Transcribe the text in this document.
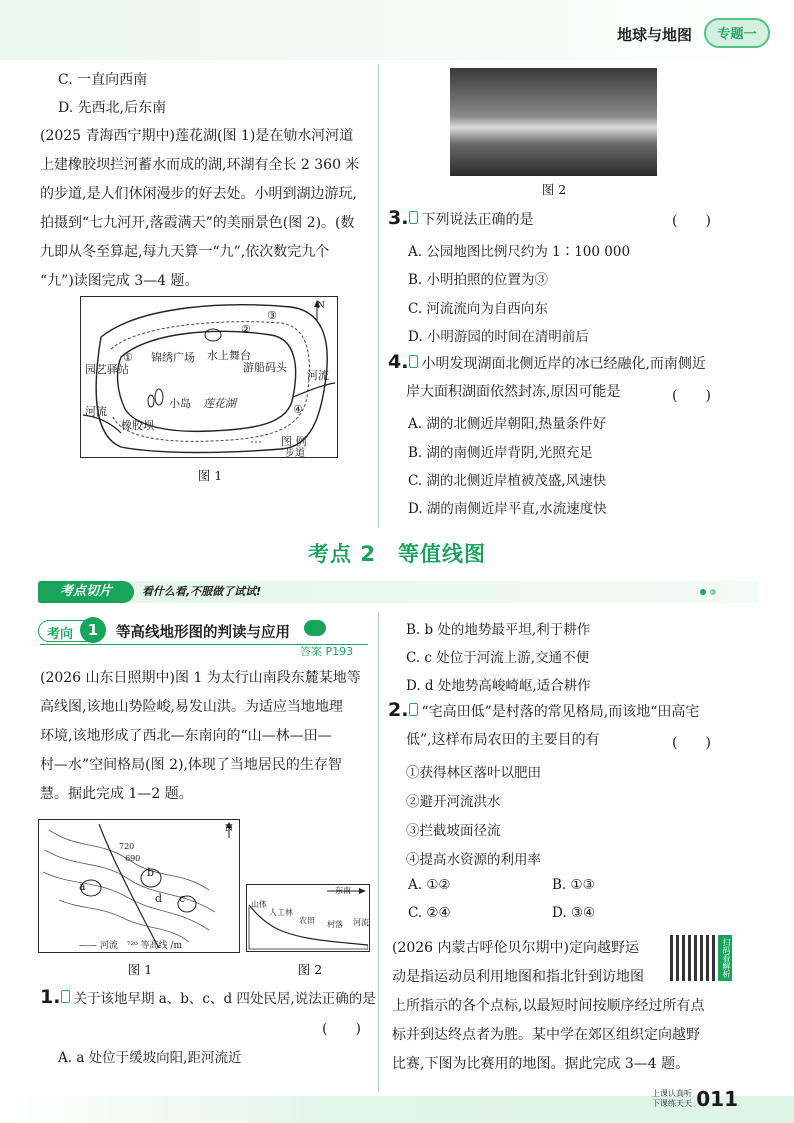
地球与地图	专题一
C. 一直向西南
D. 先西北,后东南
(2025 青海西宁期中)莲花湖(图 1)是在劬水河河道
上建橡胶坝拦河蓄水而成的湖,环湖有全长 2 360 米
的步道,是人们休闲漫步的好去处。小明到湖边游玩,
拍摄到“七九河开,落霞满天”的美丽景色(图 2)。(数
九即从冬至算起,每九天算一“九”,依次数完九个
“九”)读图完成 3—4 题。
N
③
①
④
②
园艺驿站
锦绣广场 水上舞台
游船码头
小岛 莲花湖
河流
河流
橡胶坝
图 例
步道
图 1
图 2
3. 下列说法正确的是	(　　)
A. 公园地图比例尺约为 1∶100 000
B. 小明拍照的位置为③
C. 河流流向为自西向东
D. 小明游园的时间在清明前后
4. 小明发现湖面北侧近岸的冰已经融化,而南侧近
岸大面积湖面依然封冻,原因可能是	(　　)
A. 湖的北侧近岸朝阳,热量条件好
B. 湖的南侧近岸背阴,光照充足
C. 湖的北侧近岸植被茂盛,风速快
D. 湖的南侧近岸平直,水流速度快
考点 2　等值线图
考点切片	看什么看,不服做了试试!
考向 1	等高线地形图的判读与应用
答案 P193
(2026 山东日照期中)图 1 为太行山南段东麓某地等
高线图,该地山势险峻,易发山洪。为适应当地地理
环境,该地形成了西北—东南向的“山—林—田—
村—水”空间格局(图 2),体现了当地居民的生存智
慧。据此完成 1—2 题。
720
690
N
a
b
c
d
—— 河流　⁷²⁰ 等高线 /m
图 1
东南
山体
人工林
农田 村落 河流
图 2
1. 关于该地早期 a、b、c、d 四处民居,说法正确的是
(　　)
A. a 处位于缓坡向阳,距河流近
B. b 处的地势最平坦,利于耕作
C. c 处位于河流上游,交通不便
D. d 处地势高峻崎岖,适合耕作
2. “宅高田低”是村落的常见格局,而该地“田高宅
低”,这样布局农田的主要目的有	(　　)
①获得林区落叶以肥田
②避开河流洪水
③拦截坡面径流
④提高水资源的利用率
A. ①②	B. ①③
C. ②④	D. ③④
(2026 内蒙古呼伦贝尔期中)定向越野运
动是指运动员利用地图和指北针到访地图
上所指示的各个点标,以最短时间按顺序经过所有点
标并到达终点者为胜。某中学在郊区组织定向越野
比赛,下图为比赛用的地图。据此完成 3—4 题。
扫码看解析
上课认真听
下课练天天 011
